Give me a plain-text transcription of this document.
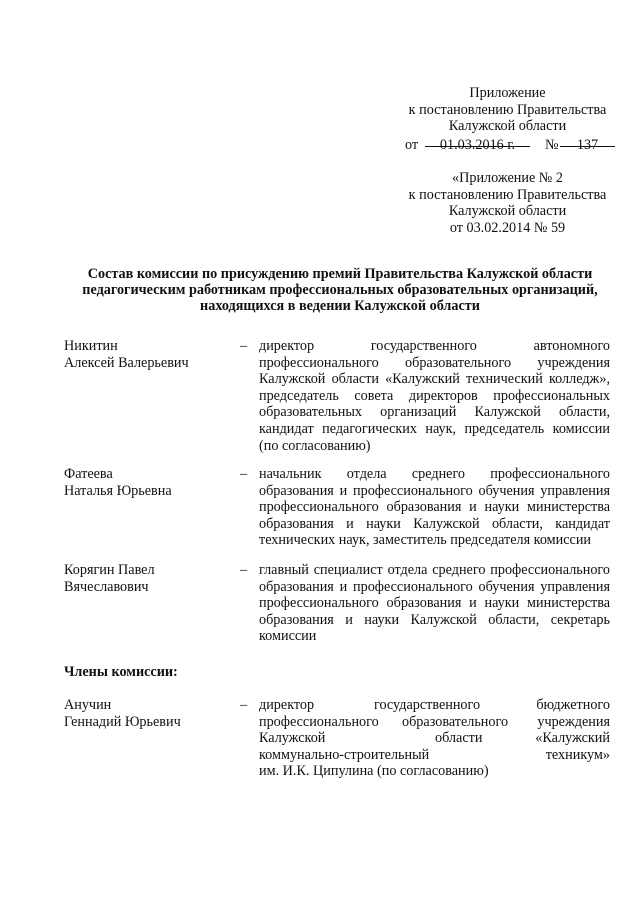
Приложение
к постановлению Правительства
Калужской области
от	01.03.2016 г.	№	137
«Приложение № 2
к постановлению Правительства
Калужской области
от 03.02.2014 № 59
Состав комиссии по присуждению премий Правительства Калужской области
педагогическим работникам профессиональных образовательных организаций,
находящихся в ведении Калужской области
Никитин
Алексей Валерьевич
– директор государственного автономного профессионального образовательного учреждения Калужской области «Калужский технический колледж», председатель совета директоров профессиональных образовательных организаций Калужской области, кандидат педагогических наук, председатель комиссии (по согласованию)
Фатеева
Наталья Юрьевна
– начальник отдела среднего профессионального образования и профессионального обучения управления профессионального образования и науки министерства образования и науки Калужской области, кандидат технических наук, заместитель председателя комиссии
Корягин Павел
Вячеславович
– главный специалист отдела среднего профессионального образования и профессионального обучения управления профессионального образования и науки министерства образования и науки Калужской области, секретарь комиссии
Члены комиссии:
Анучин
Геннадий Юрьевич
– директор	государственного	бюджетного
профессионального образовательного учреждения
Калужской	области	«Калужский
коммунально-строительный	техникум»
им. И.К. Ципулина (по согласованию)
